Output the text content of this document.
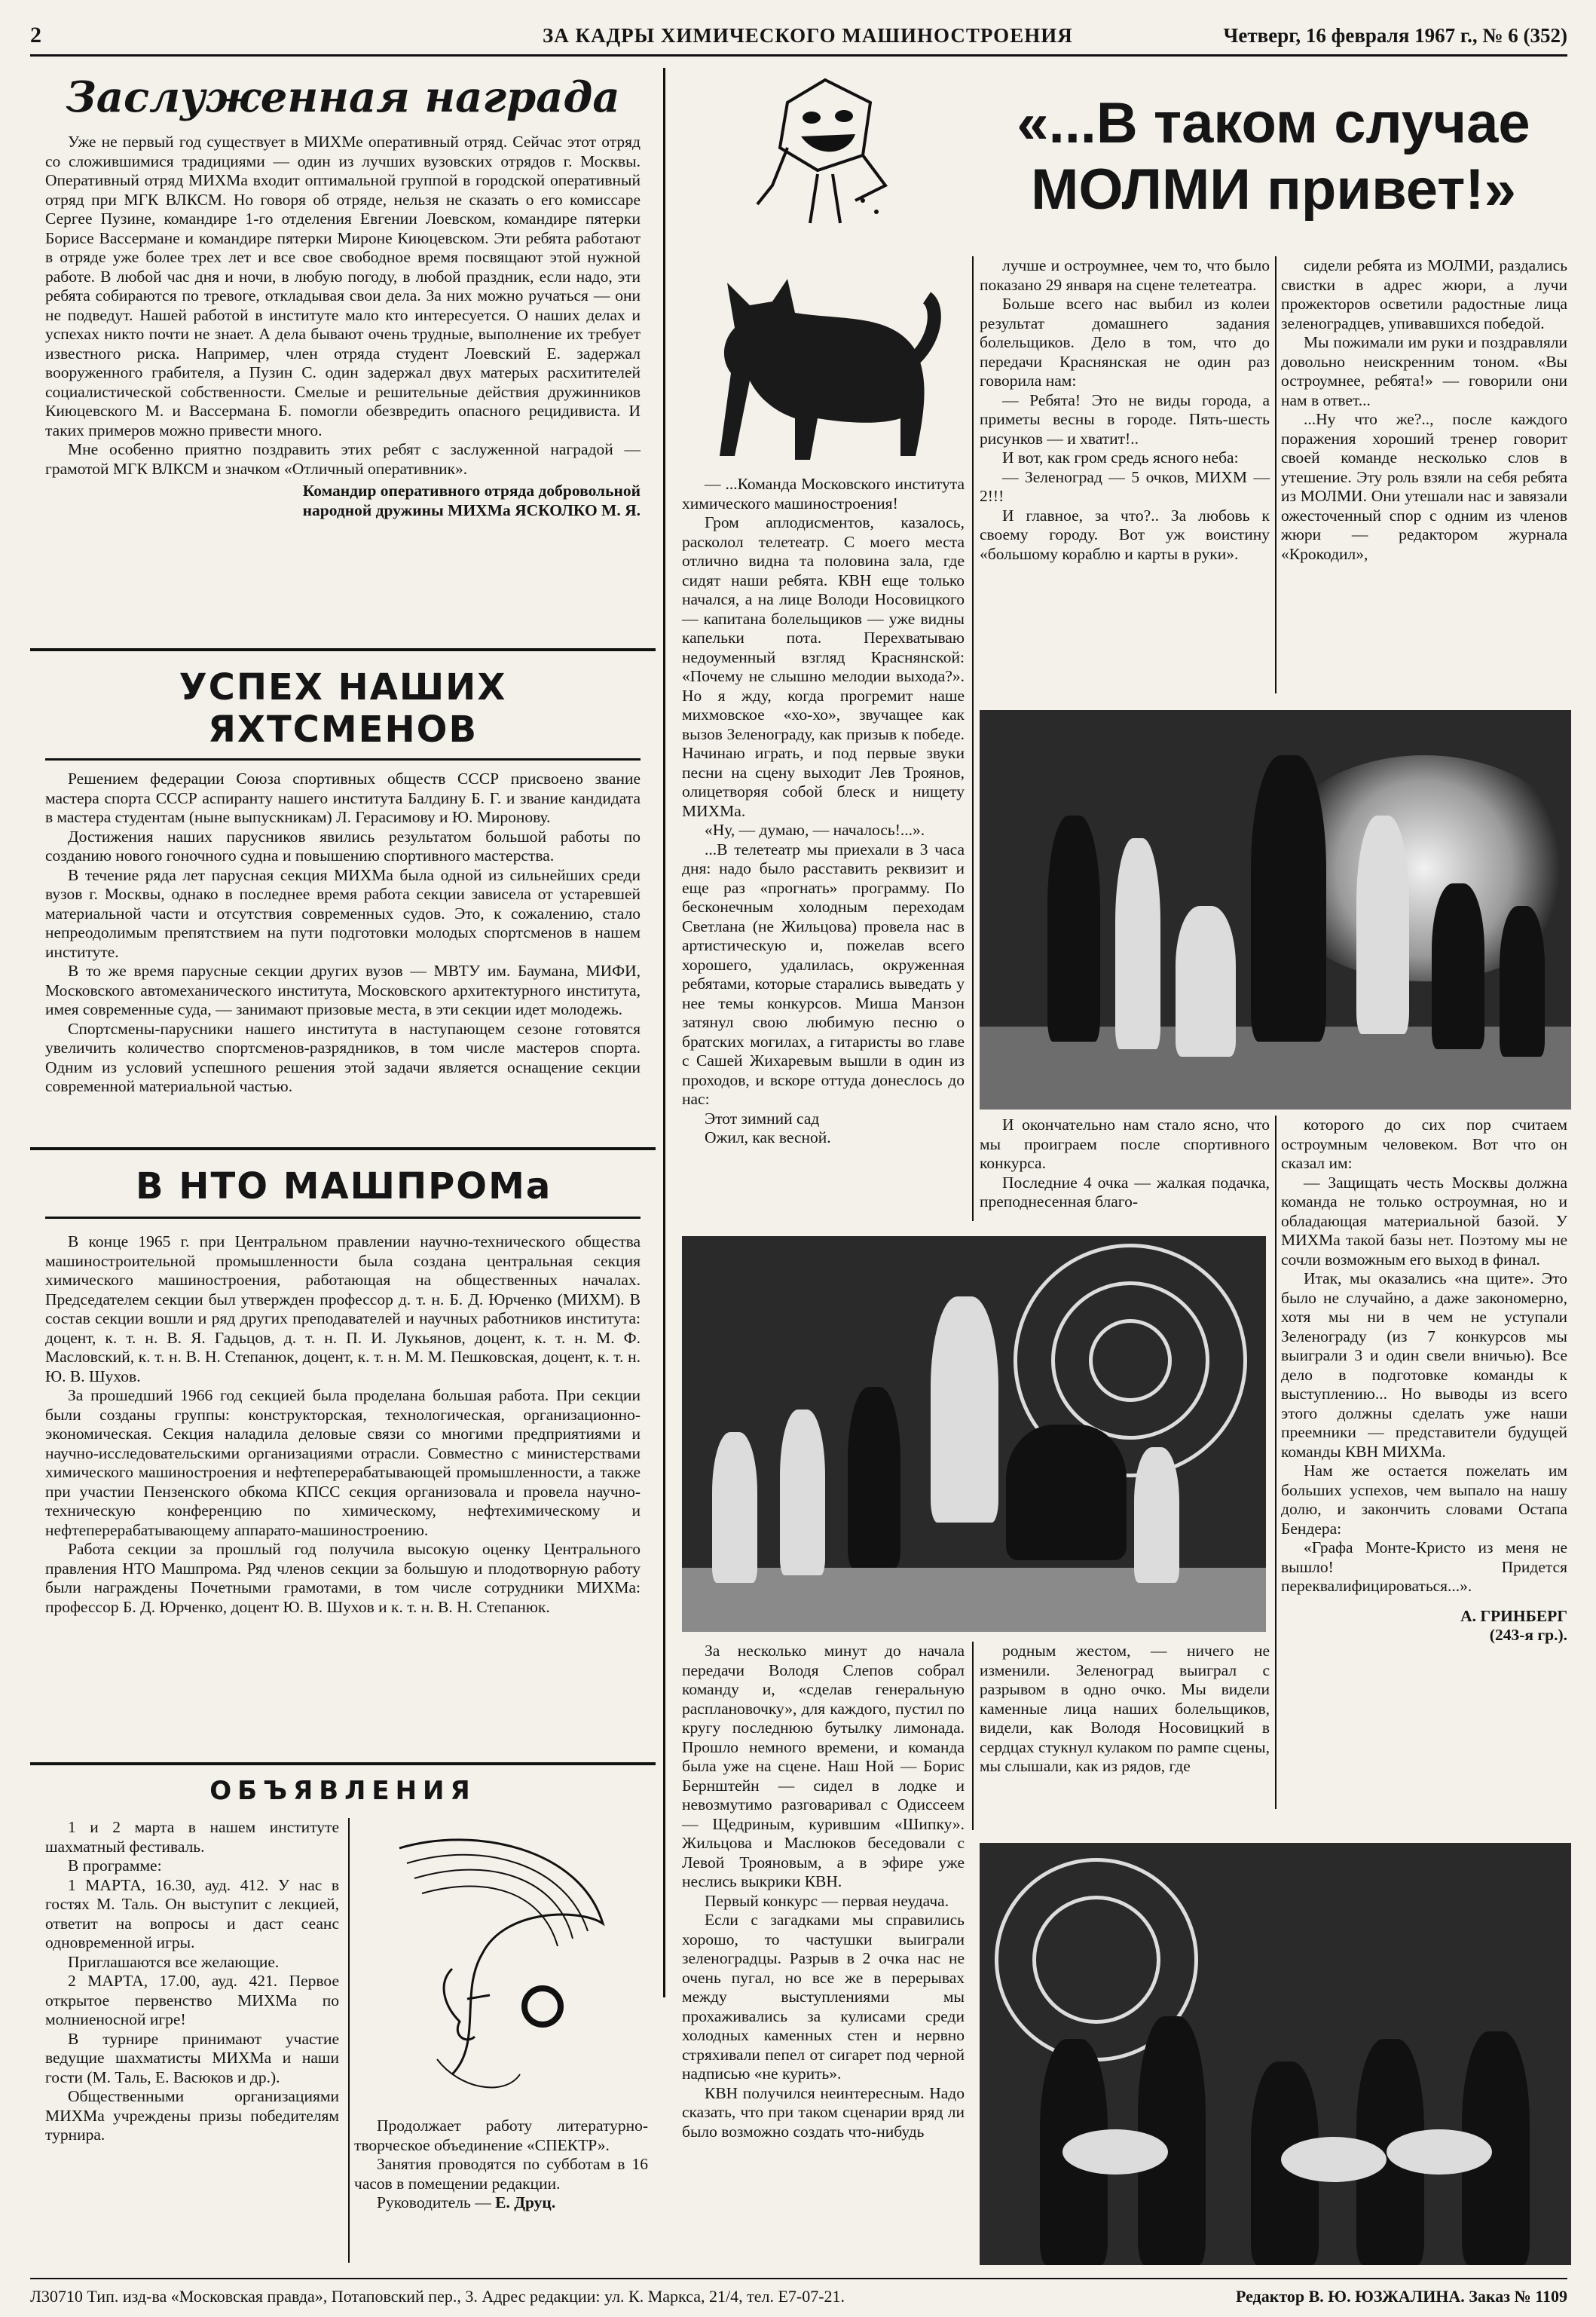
2	ЗА КАДРЫ ХИМИЧЕСКОГО МАШИНОСТРОЕНИЯ	Четверг, 16 февраля 1967 г., № 6 (352)
Заслуженная награда

Уже не первый год существует в МИХМе оперативный отряд. Сейчас этот отряд со сложившимися традициями — один из лучших вузовских отрядов г. Москвы. Оперативный отряд МИХМа входит оптимальной группой в городской оперативный отряд при МГК ВЛКСМ. Но говоря об отряде, нельзя не сказать о его комиссаре Сергее Пузине, командире 1-го отделения Евгении Лоевском, командире пятерки Борисе Вассермане и командире пятерки Мироне Киюцевском. Эти ребята работают в отряде уже более трех лет и все свое свободное время посвящают этой нужной работе. В любой час дня и ночи, в любую погоду, в любой праздник, если надо, эти ребята собираются по тревоге, откладывая свои дела. За них можно ручаться — они не подведут. Нашей работой в институте мало кто интересуется. О наших делах и успехах никто почти не знает. А дела бывают очень трудные, выполнение их требует известного риска. Например, член отряда студент Лоевский Е. задержал вооруженного грабителя, а Пузин С. один задержал двух матерых расхитителей социалистической собственности. Смелые и решительные действия дружинников Киюцевского М. и Вассермана Б. помогли обезвредить опасного рецидивиста. И таких примеров можно привести много.

Мне особенно приятно поздравить этих ребят с заслуженной наградой — грамотой МГК ВЛКСМ и значком «Отличный оперативник».

Командир оперативного отряда добровольной
народной дружины МИХМа ЯСКОЛКО М. Я.
УСПЕХ НАШИХ ЯХТСМЕНОВ

Решением федерации Союза спортивных обществ СССР присвоено звание мастера спорта СССР аспиранту нашего института Балдину Б. Г. и звание кандидата в мастера студентам (ныне выпускникам) Л. Герасимову и Ю. Миронову.

Достижения наших парусников явились результатом большой работы по созданию нового гоночного судна и повышению спортивного мастерства.

В течение ряда лет парусная секция МИХМа была одной из сильнейших среди вузов г. Москвы, однако в последнее время работа секции зависела от устаревшей материальной части и отсутствия современных судов. Это, к сожалению, стало непреодолимым препятствием на пути подготовки молодых спортсменов в нашем институте.

В то же время парусные секции других вузов — МВТУ им. Баумана, МИФИ, Московского автомеханического института, Московского архитектурного института, имея современные суда, — занимают призовые места, в эти секции идет молодежь.

Спортсмены-парусники нашего института в наступающем сезоне готовятся увеличить количество спортсменов-разрядников, в том числе мастеров спорта. Одним из условий успешного решения этой задачи является оснащение секции современной материальной частью.

В НТО МАШПРОМа

В конце 1965 г. при Центральном правлении научно-технического общества машиностроительной промышленности была создана центральная секция химического машиностроения, работающая на общественных началах. Председателем секции был утвержден профессор д. т. н. Б. Д. Юрченко (МИХМ). В состав секции вошли и ряд других преподавателей и научных работников института: доцент, к. т. н. В. Я. Гадьцов, д. т. н. П. И. Лукьянов, доцент, к. т. н. М. Ф. Масловский, к. т. н. В. Н. Степанюк, доцент, к. т. н. М. М. Пешковская, доцент, к. т. н. Ю. В. Шухов.

За прошедший 1966 год секцией была проделана большая работа. При секции были созданы группы: конструкторская, технологическая, организационно-экономическая. Секция наладила деловые связи со многими предприятиями и научно-исследовательскими организациями отрасли. Совместно с министерствами химического машиностроения и нефтеперерабатывающей промышленности, а также при участии Пензенского обкома КПСС секция организовала и провела научно-техническую конференцию по химическому, нефтехимическому и нефтеперерабатывающему аппарато-машиностроению.

Работа секции за прошлый год получила высокую оценку Центрального правления НТО Машпрома. Ряд членов секции за большую и плодотворную работу были награждены Почетными грамотами, в том числе сотрудники МИХМа: профессор Б. Д. Юрченко, доцент Ю. В. Шухов и к. т. н. В. Н. Степанюк.

ОБЪЯВЛЕНИЯ

1 и 2 марта в нашем институте шахматный фестиваль.

В программе:

1 МАРТА, 16.30, ауд. 412. У нас в гостях М. Таль. Он выступит с лекцией, ответит на вопросы и даст сеанс одновременной игры.

Приглашаются все желающие.

2 МАРТА, 17.00, ауд. 421. Первое открытое первенство МИХМа по молниеносной игре!

В турнире принимают участие ведущие шахматисты МИХМа и наши гости (М. Таль, Е. Васюков и др.).

Общественными организациями МИХМа учреждены призы победителям турнира.	Продолжает работу литературно-творческое объединение «СПЕКТР».

Занятия проводятся по субботам в 16 часов в помещении редакции.

Руководитель — Е. Друц.

«...В таком случае
МОЛМИ привет!»

— ...Команда Московского института химического машиностроения!

Гром аплодисментов, казалось, расколол телетеатр. С моего места отлично видна та половина зала, где сидят наши ребята. КВН еще только начался, а на лице Володи Носовицкого — капитана болельщиков — уже видны капельки пота. Перехватываю недоуменный взгляд Краснянской: «Почему не слышно мелодии выхода?». Но я жду, когда прогремит наше михмовское «хо-хо», звучащее как вызов Зеленограду, как призыв к победе. Начинаю играть, и под первые звуки песни на сцену выходит Лев Троянов, олицетворяя собой блеск и нищету МИХМа.

«Ну, — думаю, — началось!...».

...В телетеатр мы приехали в 3 часа дня: надо было расставить реквизит и еще раз «прогнать» программу. По бесконечным холодным переходам Светлана (не Жильцова) провела нас в артистическую и, пожелав всего хорошего, удалилась, окруженная ребятами, которые старались выведать у нее темы конкурсов. Миша Манзон затянул свою любимую песню о братских могилах, а гитаристы во главе с Сашей Жихаревым вышли в один из проходов, и вскоре оттуда донеслось до нас:

Этот зимний сад

Ожил, как весной.

лучше и остроумнее, чем то, что было показано 29 января на сцене телетеатра.

Больше всего нас выбил из колеи результат домашнего задания болельщиков. Дело в том, что до передачи Краснянская не один раз говорила нам:

— Ребята! Это не виды города, а приметы весны в городе. Пять-шесть рисунков — и хватит!..

И вот, как гром средь ясного неба:

— Зеленоград — 5 очков, МИХМ — 2!!!

И главное, за что?.. За любовь к своему городу. Вот уж воистину «большому кораблю и карты в руки».

сидели ребята из МОЛМИ, раздались свистки в адрес жюри, а лучи прожекторов осветили радостные лица зеленоградцев, упивавшихся победой.

Мы пожимали им руки и поздравляли довольно неискренним тоном. «Вы остроумнее, ребята!» — говорили они нам в ответ...

...Ну что же?.., после каждого поражения хороший тренер говорит своей команде несколько слов в утешение. Эту роль взяли на себя ребята из МОЛМИ. Они утешали нас и завязали ожесточенный спор с одним из членов жюри — редактором журнала «Крокодил»,

И окончательно нам стало ясно, что мы проиграем после спортивного конкурса.

Последние 4 очка — жалкая подачка, преподнесенная благо-

которого до сих пор считаем остроумным человеком. Вот что он сказал им:

— Защищать честь Москвы должна команда не только остроумная, но и обладающая материальной базой. У МИХМа такой базы нет. Поэтому мы не сочли возможным его выход в финал.

Итак, мы оказались «на щите». Это было не случайно, а даже закономерно, хотя мы ни в чем не уступали Зеленограду (из 7 конкурсов мы выиграли 3 и один свели вничью). Все дело в подготовке команды к выступлению... Но выводы из всего этого должны сделать уже наши преемники — представители будущей команды КВН МИХМа.

Нам же остается пожелать им больших успехов, чем выпало на нашу долю, и закончить словами Остапа Бендера:

«Графа Монте-Кристо из меня не вышло! Придется переквалифицироваться...».

А. ГРИНБЕРГ
(243-я гр.).

За несколько минут до начала передачи Володя Слепов собрал команду и, «сделав генеральную расплановочку», для каждого, пустил по кругу последнюю бутылку лимонада. Прошло немного времени, и команда была уже на сцене. Наш Ной — Борис Бернштейн — сидел в лодке и невозмутимо разговаривал с Одиссеем — Щедриным, курившим «Шипку». Жильцова и Маслюков беседовали с Левой Трояновым, а в эфире уже неслись выкрики КВН.

Первый конкурс — первая неудача.

Если с загадками мы справились хорошо, то частушки выиграли зеленоградцы. Разрыв в 2 очка нас не очень пугал, но все же в перерывах между выступлениями мы прохаживались за кулисами среди холодных каменных стен и нервно стряхивали пепел от сигарет под черной надписью «не курить».

КВН получился неинтересным. Надо сказать, что при таком сценарии вряд ли было возможно создать что-нибудь

родным жестом, — ничего не изменили. Зеленоград выиграл с разрывом в одно очко. Мы видели каменные лица наших болельщиков, видели, как Володя Носовицкий в сердцах стукнул кулаком по рампе сцены, мы слышали, как из рядов, где

Л30710 Тип. изд-ва «Московская правда», Потаповский пер., 3. Адрес редакции: ул. К. Маркса, 21/4, тел. Е7-07-21.	Редактор В. Ю. ЮЗЖАЛИНА. Заказ № 1109
